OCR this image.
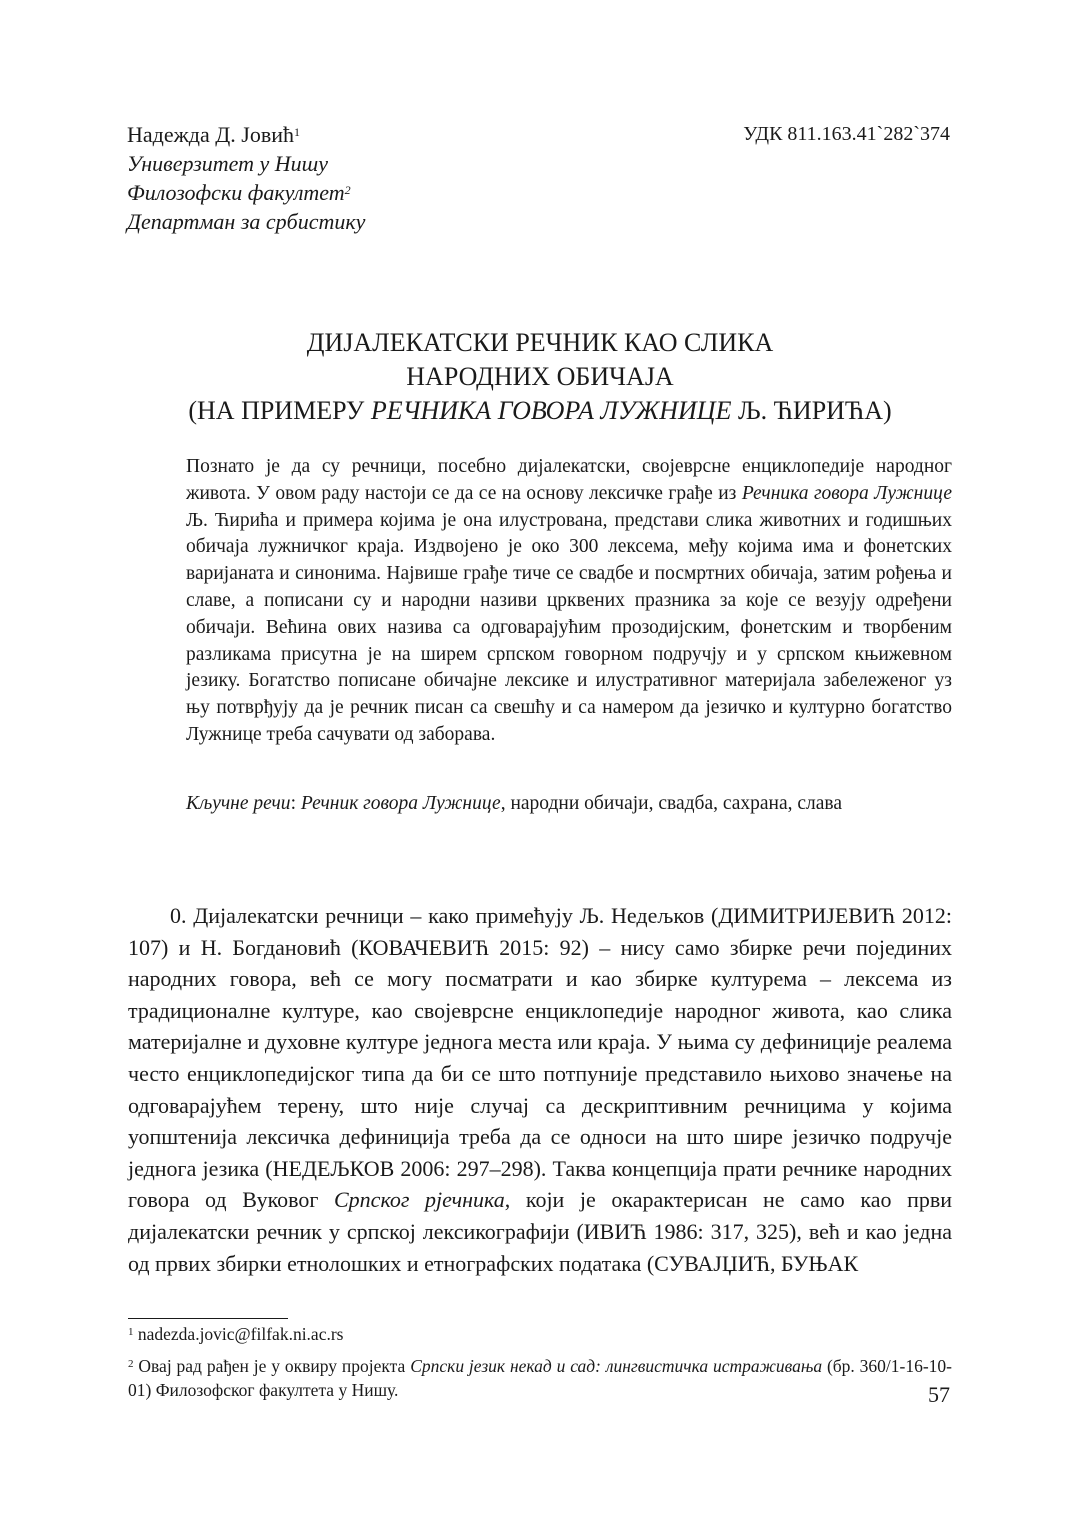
Надежда Д. Јовић$^1$
Универзитет у Нишу
Филозофски факултет$^2$
Департман за србистику
УДК 811.163.41`282`374
ДИЈАЛЕКАТСКИ РЕЧНИК КАО СЛИКА
НАРОДНИХ ОБИЧАЈА
(НА ПРИМЕРУ РЕЧНИКА ГОВОРА ЛУЖНИЦЕ Љ. ЋИРИЋА)
Познато је да су речници, посебно дијалекатски, својеврсне енциклопедије народног живота. У овом раду настоји се да се на основу лексичке грађе из Речника говора Лужнице Љ. Ћирића и примера којима је она илустрована, представи слика животних и годишњих обичаја лужничког краја. Издвојено је око 300 лексема, међу којима има и фонетских варијаната и синонима. Највише грађе тиче се свадбе и посмртних обичаја, затим рођења и славе, а пописани су и народни називи црквених празника за које се везују одређени обичаји. Већина ових назива са одговарајућим прозодијским, фонетским и творбеним разликама присутна је на ширем српском говорном подручју и у српском књижевном језику. Богатство пописане обичајне лексике и илустративног материјала забележеног уз њу потврђују да је речник писан са свешћу и са намером да језичко и културно богатство Лужнице треба сачувати од заборава.
Кључне речи: Речник говора Лужнице, народни обичаји, свадба, сахрана, слава
0. Дијалекатски речници – како примећују Љ. Недељков (ДИМИТРИЈЕВИЋ 2012: 107) и Н. Богдановић (КОВАЧЕВИЋ 2015: 92) – нису само збирке речи појединих народних говора, већ се могу посматрати и као збирке културема – лексема из традиционалне културе, као својеврсне енциклопедије народног живота, као слика материјалне и духовне културе једнога места или краја. У њима су дефиниције реалема често енциклопедијског типа да би се што потпуније представило њихово значење на одговарајућем терену, што није случај са дескриптивним речницима у којима уопштенија лексичка дефиниција треба да се односи на што шире језичко подручје једнога језика (НЕДЕЉКОВ 2006: 297–298). Таква концепција прати речнике народних говора од Вуковог Српског рјечника, који је окарактерисан не само као први дијалекатски речник у српској лексикографији (ИВИЋ 1986: 317, 325), већ и као једна од првих збирки етнолошких и етнографских података (СУВАЈЏИЋ, БУЊАК
$^1$ nadezda.jovic@filfak.ni.ac.rs
$^2$ Овај рад рађен је у оквиру пројекта Српски језик некад и сад: лингвистичка истраживања (бр. 360/1-16-10-01) Филозофског факултета у Нишу.	57
